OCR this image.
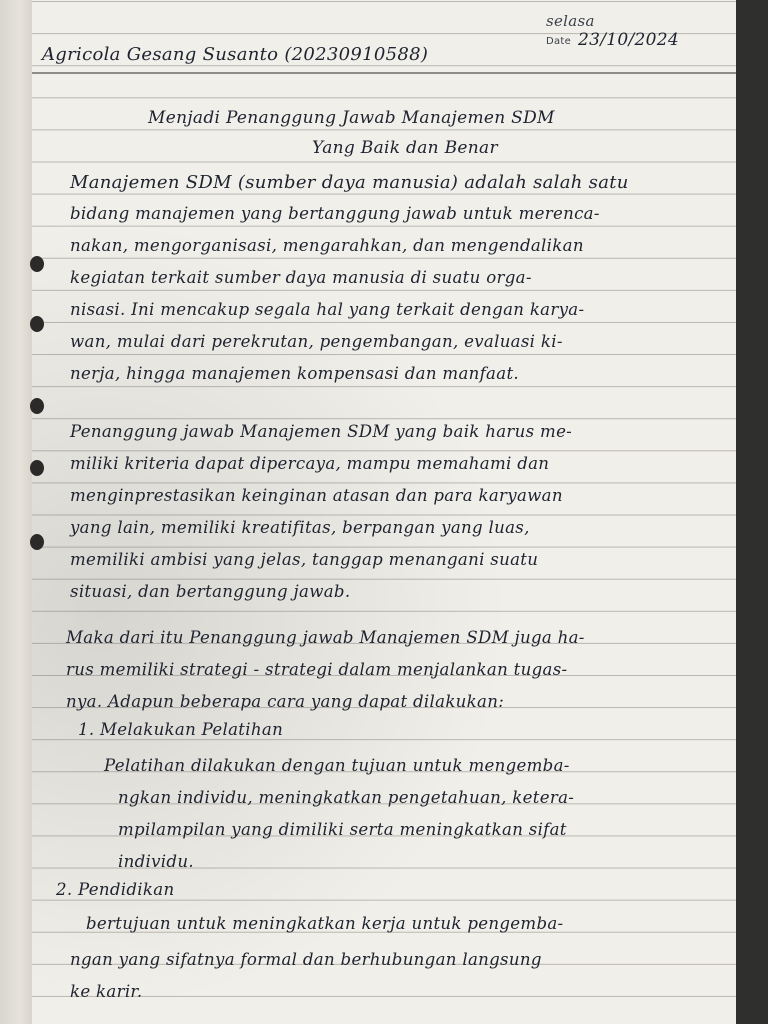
selasa

Date 23/10/2024

Agricola Gesang Susanto (20230910588)

Menjadi Penanggung Jawab Manajemen SDM

Yang Baik dan Benar

Manajemen SDM (sumber daya manusia) adalah salah satu

bidang manajemen yang bertanggung jawab untuk merenca-

nakan, mengorganisasi, mengarahkan, dan mengendalikan

kegiatan terkait sumber daya manusia di suatu orga-

nisasi. Ini mencakup segala hal yang terkait dengan karya-

wan, mulai dari perekrutan, pengembangan, evaluasi ki-

nerja, hingga manajemen kompensasi dan manfaat.

Penanggung jawab Manajemen SDM yang baik harus me-

miliki kriteria dapat dipercaya, mampu memahami dan

menginprestasikan keinginan atasan dan para karyawan

yang lain, memiliki kreatifitas, berpangan yang luas,

memiliki ambisi yang jelas, tanggap menangani suatu

situasi, dan bertanggung jawab.

Maka dari itu Penanggung jawab Manajemen SDM juga ha-

rus memiliki strategi - strategi dalam menjalankan tugas-

nya. Adapun beberapa cara yang dapat dilakukan:

1. Melakukan Pelatihan

Pelatihan dilakukan dengan tujuan untuk mengemba-

ngkan individu, meningkatkan pengetahuan, ketera-

mpilampilan yang dimiliki serta meningkatkan sifat

individu.

2. Pendidikan

bertujuan untuk meningkatkan kerja untuk pengemba-

ngan yang sifatnya formal dan berhubungan langsung

ke karir.
